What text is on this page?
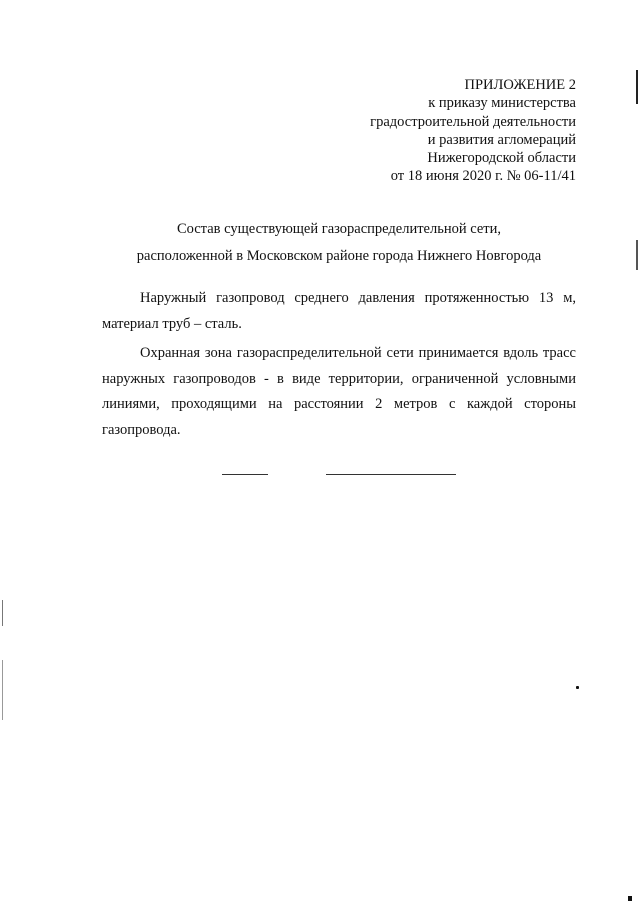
ПРИЛОЖЕНИЕ 2
к приказу министерства
градостроительной деятельности
и развития агломераций
Нижегородской области
от 18 июня 2020 г. № 06-11/41
Состав существующей газораспределительной сети,
расположенной в Московском районе города Нижнего Новгорода

Наружный газопровод среднего давления протяженностью 13 м, материал труб – сталь.

Охранная зона газораспределительной сети принимается вдоль трасс наружных газопроводов - в виде территории, ограниченной условными линиями, проходящими на расстоянии 2 метров с каждой стороны газопровода.
